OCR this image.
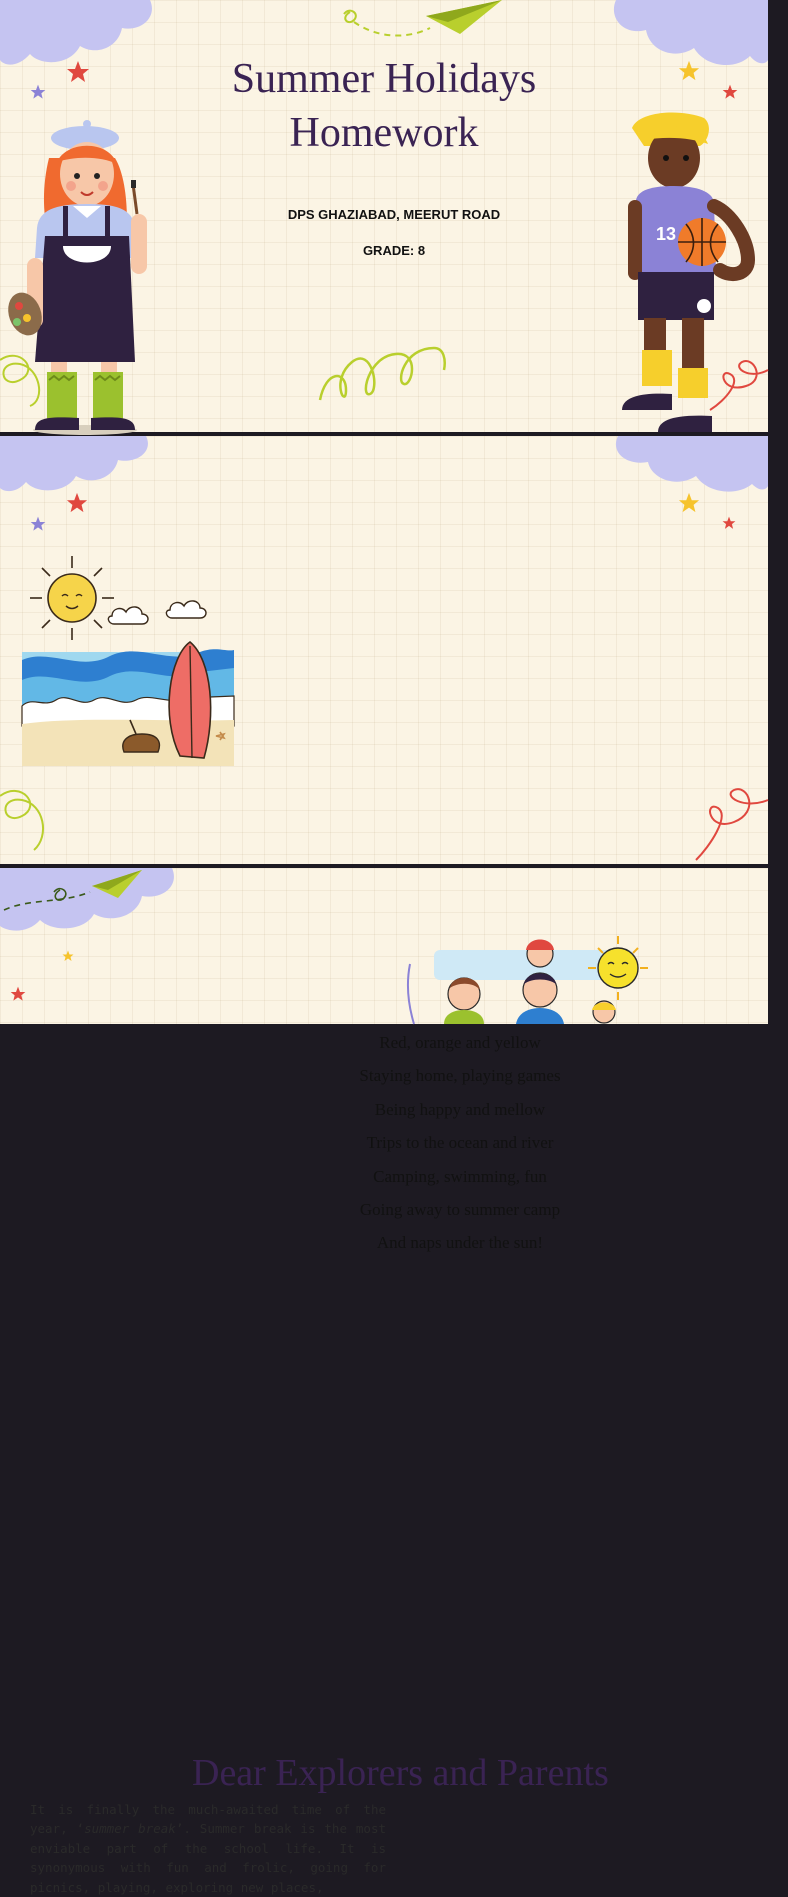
Summer Holidays
Homework
DPS GHAZIABAD, MEERUT ROAD
GRADE: 8
13
Red, orange and yellow
Staying home, playing games
Being happy and mellow
Trips to the ocean and river
Camping, swimming, fun
Going away to summer camp
And naps under the sun!
Dear Explorers and Parents
It is finally the much-awaited time of the year, ‘summer break’. Summer break is the most enviable part of the school life. It is synonymous with fun and frolic, going for picnics, playing, exploring new places,
